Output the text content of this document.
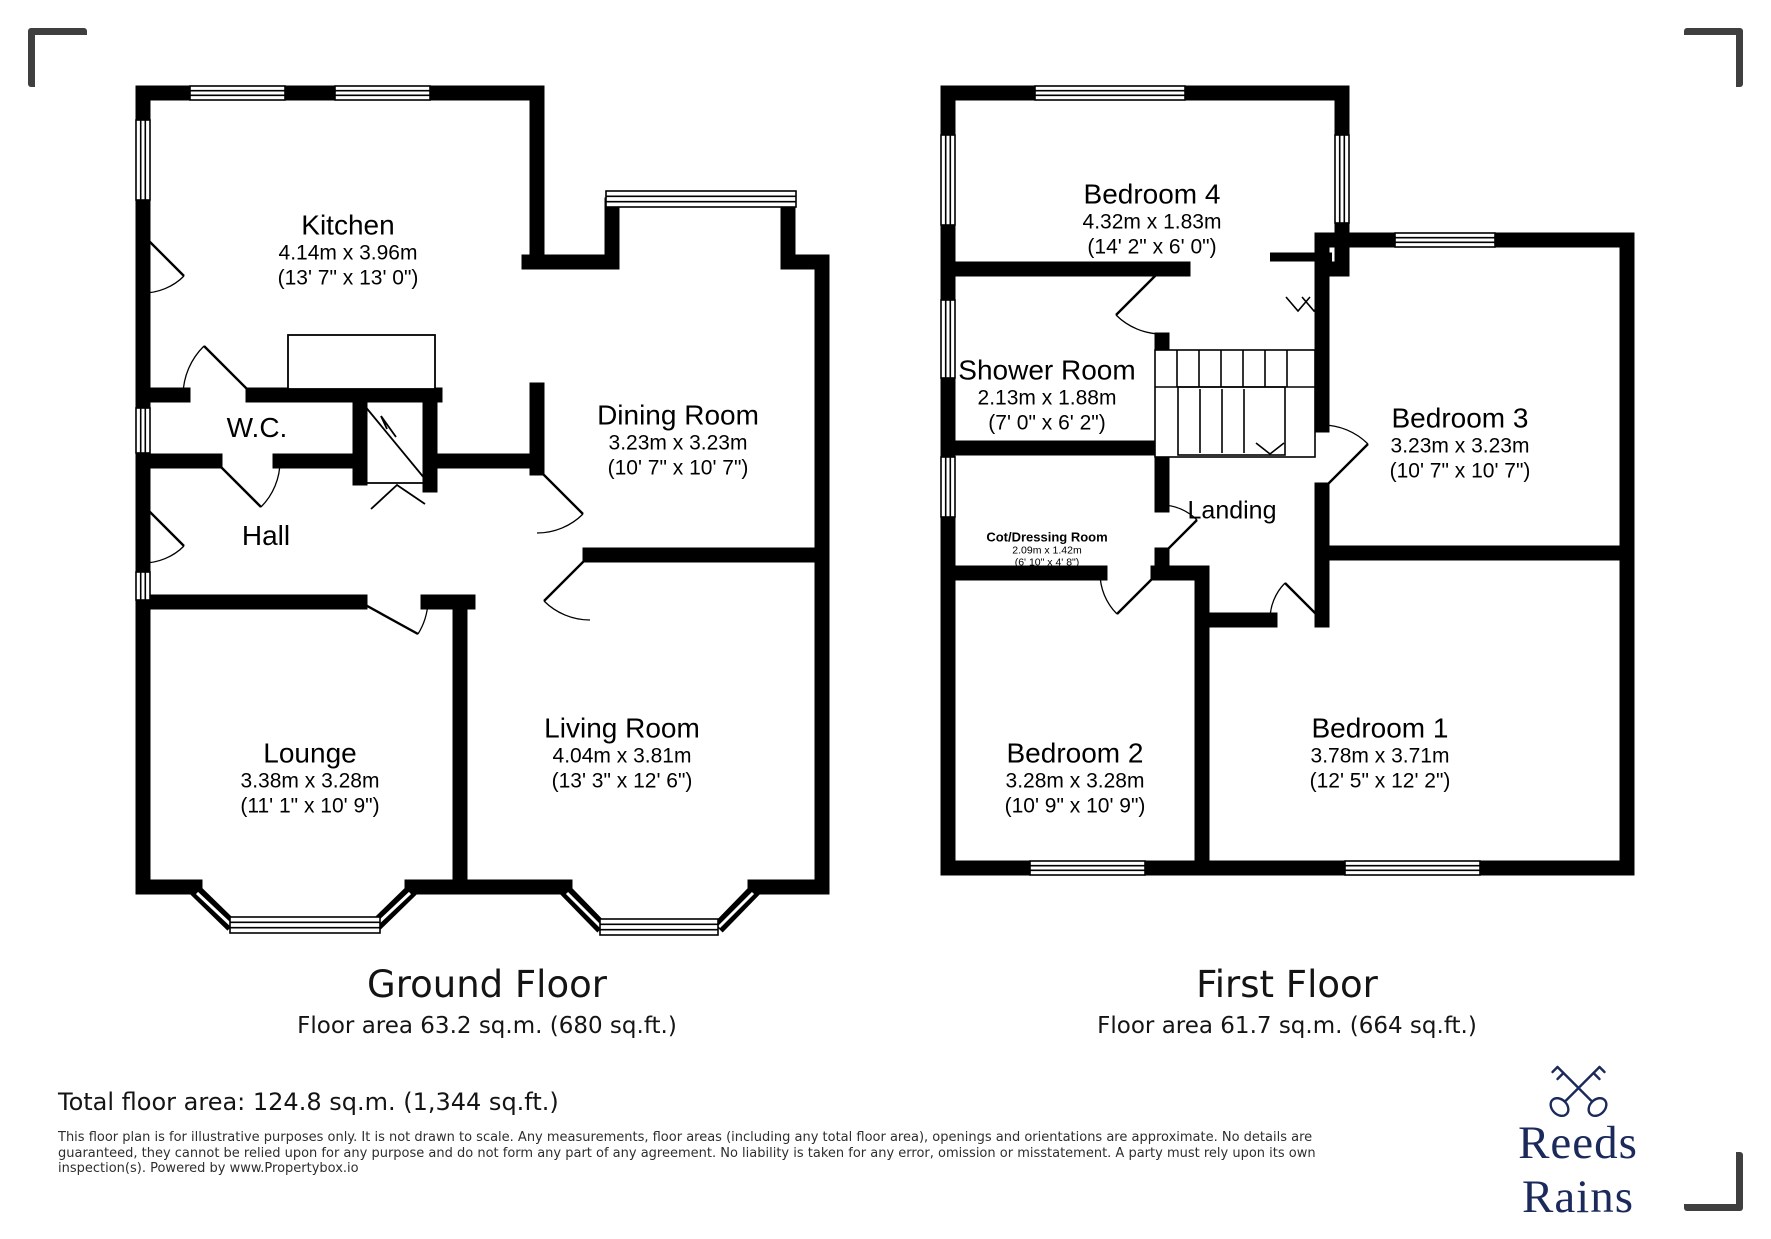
Kitchen
4.14m x 3.96m
(13' 7" x 13' 0")
Dining Room
3.23m x 3.23m
(10' 7" x 10' 7")
W.C.
Hall
Lounge
3.38m x 3.28m
(11' 1" x 10' 9")
Living Room
4.04m x 3.81m
(13' 3" x 12' 6")
Bedroom 4
4.32m x 1.83m
(14' 2" x 6' 0")
Shower Room
2.13m x 1.88m
(7' 0" x 6' 2")
Cot/Dressing Room
2.09m x 1.42m
(6' 10" x 4' 8")
Landing
Bedroom 3
3.23m x 3.23m
(10' 7" x 10' 7")
Bedroom 2
3.28m x 3.28m
(10' 9" x 10' 9")
Bedroom 1
3.78m x 3.71m
(12' 5" x 12' 2")
Ground Floor
Floor area 63.2 sq.m. (680 sq.ft.)
First Floor
Floor area 61.7 sq.m. (664 sq.ft.)
Total floor area: 124.8 sq.m. (1,344 sq.ft.)
This floor plan is for illustrative purposes only. It is not drawn to scale. Any measurements, floor areas (including any total floor area), openings and orientations are approximate. No details are guaranteed, they cannot be relied upon for any purpose and do not form any part of any agreement. No liability is taken for any error, omission or misstatement. A party must rely upon its own inspection(s). Powered by www.Propertybox.io	Reeds Rains
